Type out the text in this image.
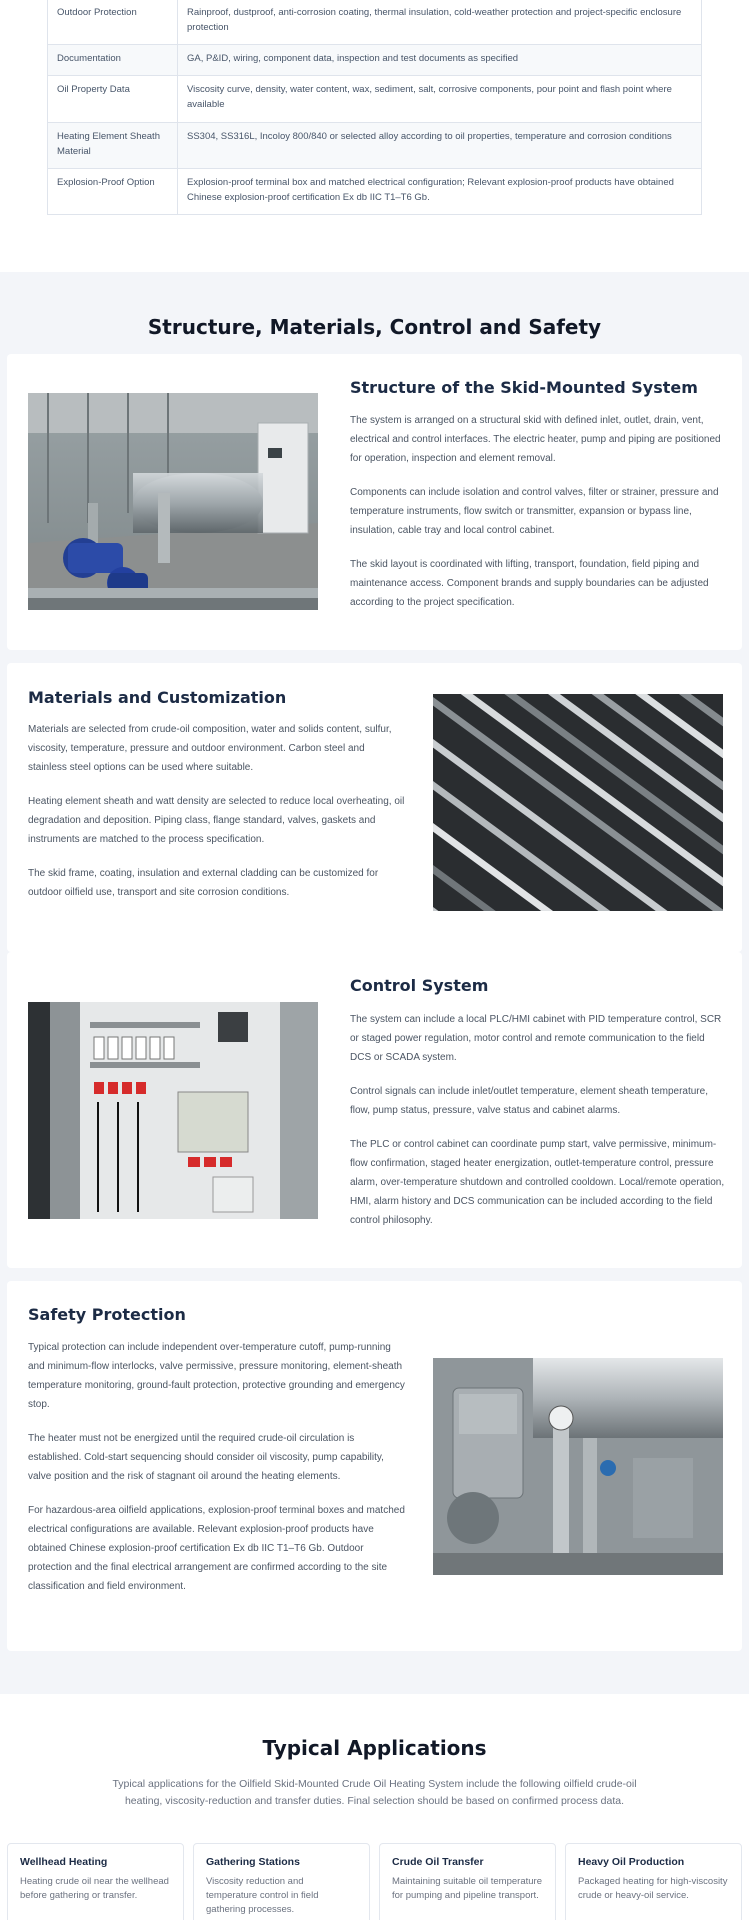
Outdoor Protection	Rainproof, dustproof, anti-corrosion coating, thermal insulation, cold-weather protection and project-specific enclosure protection
Documentation	GA, P&ID, wiring, component data, inspection and test documents as specified
Oil Property Data	Viscosity curve, density, water content, wax, sediment, salt, corrosive components, pour point and flash point where available
Heating Element Sheath Material	SS304, SS316L, Incoloy 800/840 or selected alloy according to oil properties, temperature and corrosion conditions
Explosion-Proof Option	Explosion-proof terminal box and matched electrical configuration; Relevant explosion-proof products have obtained Chinese explosion-proof certification Ex db IIC T1–T6 Gb.
Structure, Materials, Control and Safety
Structure of the Skid-Mounted System

The system is arranged on a structural skid with defined inlet, outlet, drain, vent, electrical and control interfaces. The electric heater, pump and piping are positioned for operation, inspection and element removal.

Components can include isolation and control valves, filter or strainer, pressure and temperature instruments, flow switch or transmitter, expansion or bypass line, insulation, cable tray and local control cabinet.

The skid layout is coordinated with lifting, transport, foundation, field piping and maintenance access. Component brands and supply boundaries can be adjusted according to the project specification.

Materials and Customization

Materials are selected from crude-oil composition, water and solids content, sulfur, viscosity, temperature, pressure and outdoor environment. Carbon steel and stainless steel options can be used where suitable.

Heating element sheath and watt density are selected to reduce local overheating, oil degradation and deposition. Piping class, flange standard, valves, gaskets and instruments are matched to the process specification.

The skid frame, coating, insulation and external cladding can be customized for outdoor oilfield use, transport and site corrosion conditions.

Control System

The system can include a local PLC/HMI cabinet with PID temperature control, SCR or staged power regulation, motor control and remote communication to the field DCS or SCADA system.

Control signals can include inlet/outlet temperature, element sheath temperature, flow, pump status, pressure, valve status and cabinet alarms.

The PLC or control cabinet can coordinate pump start, valve permissive, minimum-flow confirmation, staged heater energization, outlet-temperature control, pressure alarm, over-temperature shutdown and controlled cooldown. Local/remote operation, HMI, alarm history and DCS communication can be included according to the field control philosophy.

Safety Protection

Typical protection can include independent over-temperature cutoff, pump-running and minimum-flow interlocks, valve permissive, pressure monitoring, element-sheath temperature monitoring, ground-fault protection, protective grounding and emergency stop.

The heater must not be energized until the required crude-oil circulation is established. Cold-start sequencing should consider oil viscosity, pump capability, valve position and the risk of stagnant oil around the heating elements.

For hazardous-area oilfield applications, explosion-proof terminal boxes and matched electrical configurations are available. Relevant explosion-proof products have obtained Chinese explosion-proof certification Ex db IIC T1–T6 Gb. Outdoor protection and the final electrical arrangement are confirmed according to the site classification and field environment.

Typical Applications

Typical applications for the Oilfield Skid-Mounted Crude Oil Heating System include the following oilfield crude-oil heating, viscosity-reduction and transfer duties. Final selection should be based on confirmed process data.

Wellhead Heating
Heating crude oil near the wellhead before gathering or transfer.
Gathering Stations
Viscosity reduction and temperature control in field gathering processes.
Crude Oil Transfer
Maintaining suitable oil temperature for pumping and pipeline transport.
Heavy Oil Production
Packaged heating for high-viscosity crude or heavy-oil service.
